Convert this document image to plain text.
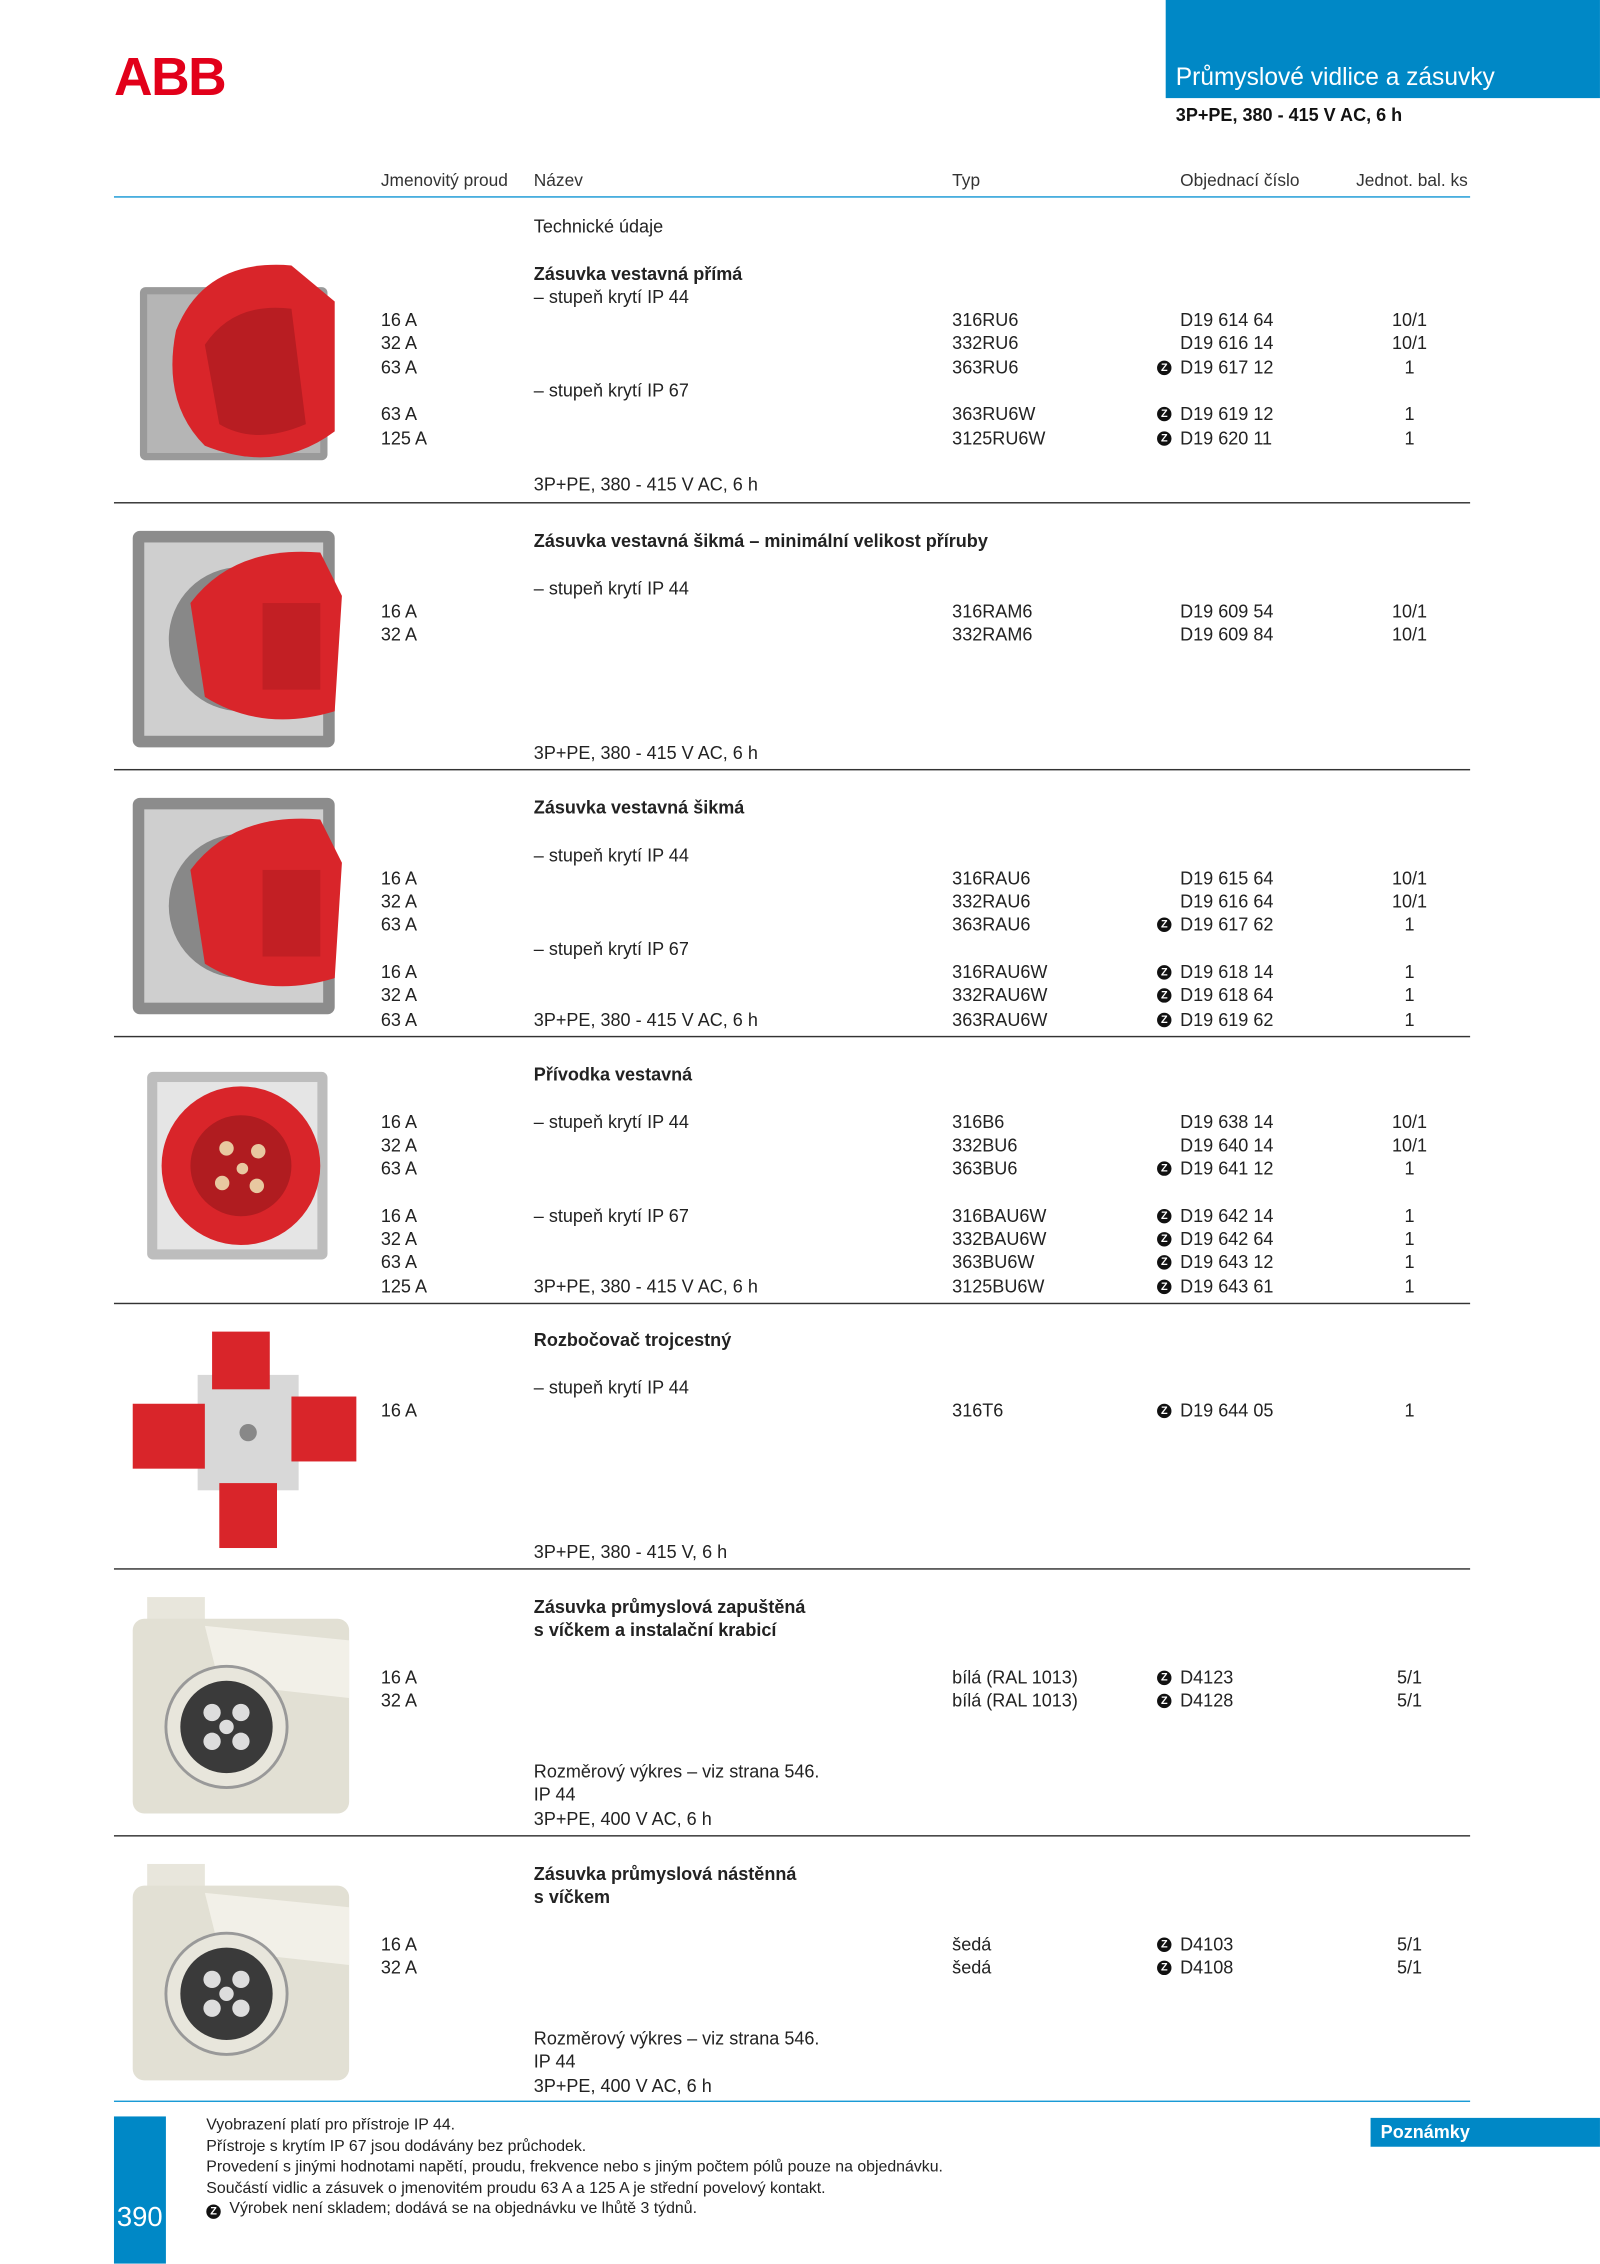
ABB	Průmyslové vidlice a zásuvky
3P+PE, 380 - 415 V AC, 6 h
Jmenovitý proud Název	Typ	Objednací číslo	Jednot. bal. ks
Technické údaje
Zásuvka vestavná přímá
– stupeň krytí IP 44
16 A	316RU6	D19 614 64	10/1
32 A	332RU6	D19 616 14	10/1
63 A	363RU6	Z	D19 617 12	1
– stupeň krytí IP 67
63 A	363RU6W	Z	D19 619 12	1
125 A	3125RU6W	Z	D19 620 11	1
3P+PE, 380 - 415 V AC, 6 h
Zásuvka vestavná šikmá – minimální velikost příruby
– stupeň krytí IP 44
16 A	316RAM6	D19 609 54	10/1
32 A	332RAM6	D19 609 84	10/1
3P+PE, 380 - 415 V AC, 6 h
Zásuvka vestavná šikmá
– stupeň krytí IP 44
16 A	316RAU6	D19 615 64	10/1
32 A	332RAU6	D19 616 64	10/1
63 A	363RAU6	Z	D19 617 62	1
– stupeň krytí IP 67
16 A	316RAU6W	Z	D19 618 14	1
32 A	332RAU6W	Z	D19 618 64	1
63 A	3P+PE, 380 - 415 V AC, 6 h	363RAU6W	Z	D19 619 62	1
Přívodka vestavná
16 A	– stupeň krytí IP 44	316B6	D19 638 14	10/1
32 A	332BU6	D19 640 14	10/1
63 A	363BU6	Z	D19 641 12	1
16 A	– stupeň krytí IP 67	316BAU6W	Z	D19 642 14	1
32 A	332BAU6W	Z	D19 642 64	1
63 A	363BU6W	Z	D19 643 12	1
125 A	3P+PE, 380 - 415 V AC, 6 h	3125BU6W	Z	D19 643 61	1
Rozbočovač trojcestný
– stupeň krytí IP 44
16 A	316T6	Z	D19 644 05	1
3P+PE, 380 - 415 V, 6 h
Zásuvka průmyslová zapuštěná
s víčkem a instalační krabicí
16 A	bílá (RAL 1013)	Z	D4123	5/1
32 A	bílá (RAL 1013)	Z	D4128	5/1
Rozměrový výkres – viz strana 546.
IP 44
3P+PE, 400 V AC, 6 h
Zásuvka průmyslová nástěnná
s víčkem
16 A	šedá	Z	D4103	5/1
32 A	šedá	Z	D4108	5/1
Rozměrový výkres – viz strana 546.
IP 44
3P+PE, 400 V AC, 6 h
390
Vyobrazení platí pro přístroje IP 44.
Přístroje s krytím IP 67 jsou dodávány bez průchodek.
Provedení s jinými hodnotami napětí, proudu, frekvence nebo s jiným počtem pólů pouze na objednávku.
Součástí vidlic a zásuvek o jmenovitém proudu 63 A a 125 A je střední povelový kontakt.
Z Výrobek není skladem; dodává se na objednávku ve lhůtě 3 týdnů.
Poznámky
